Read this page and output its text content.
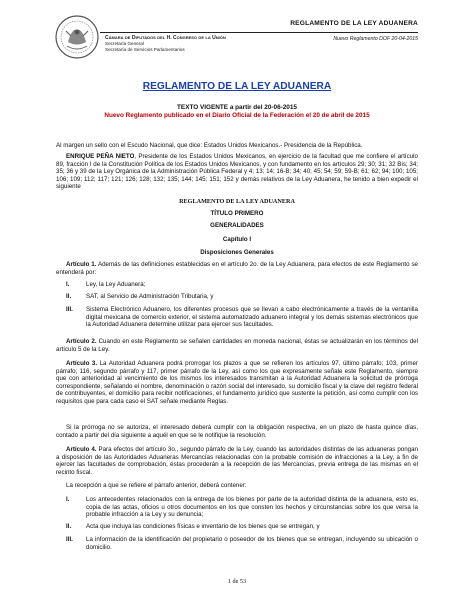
REGLAMENTO DE LA LEY ADUANERA
Cámara de Diputados del H. Congreso de la Unión
Secretaría General
Secretaría de Servicios Parlamentarios
Nuevo Reglamento DOF 20-04-2015
REGLAMENTO DE LA LEY ADUANERA
TEXTO VIGENTE a partir del 20-06-2015
Nuevo Reglamento publicado en el Diario Oficial de la Federación el 20 de abril de 2015
Al margen un sello con el Escudo Nacional, que dice: Estados Unidos Mexicanos.- Presidencia de la República.
ENRIQUE PEÑA NIETO, Presidente de los Estados Unidos Mexicanos, en ejercicio de la facultad que me confiere el artículo 89, fracción I de la Constitución Política de los Estados Unidos Mexicanos, y con fundamento en los artículos 29; 30; 31; 32 Bis; 34; 35; 36 y 39 de la Ley Orgánica de la Administración Pública Federal y 4; 13; 14; 16-B; 34; 40; 45; 54; 59; 59-B; 61; 62; 94; 100; 105; 106; 109; 112; 117; 121; 126; 128; 132; 135; 144; 145; 151; 152 y demás relativos de la Ley Aduanera, he tenido a bien expedir el siguiente
REGLAMENTO DE LA LEY ADUANERA
TÍTULO PRIMERO
GENERALIDADES
Capítulo I
Disposiciones Generales
Artículo 1. Además de las definiciones establecidas en el artículo 2o. de la Ley Aduanera, para efectos de este Reglamento se entenderá por:
I.	Ley, la Ley Aduanera;
II. SAT, al Servicio de Administración Tributaria, y
III. Sistema Electrónico Aduanero, los diferentes procesos que se llevan a cabo electrónicamente a través de la ventanilla digital mexicana de comercio exterior, el sistema automatizado aduanero integral y los demás sistemas electrónicos que la Autoridad Aduanera determine utilizar para ejercer sus facultades.
Artículo 2. Cuando en este Reglamento se señalen cantidades en moneda nacional, éstas se actualizarán en los términos del artículo 5 de la Ley.
Artículo 3. La Autoridad Aduanera podrá prorrogar los plazos a que se refieren los artículos 97, último párrafo; 103, primer párrafo; 116, segundo párrafo y 117, primer párrafo de la Ley, así como los que expresamente señale este Reglamento, siempre que con anterioridad al vencimiento de los mismos los interesados transmitan a la Autoridad Aduanera la solicitud de prórroga correspondiente, señalando el nombre, denominación o razón social del interesado, su domicilio fiscal y la clave del registro federal de contribuyentes, el domicilio para recibir notificaciones, el fundamento jurídico que sustente la petición, así como cumplir con los requisitos que para cada caso el SAT señale mediante Reglas.
Si la prórroga no se autoriza, el interesado deberá cumplir con la obligación respectiva, en un plazo de hasta quince días, contado a partir del día siguiente a aquél en que se le notifique la resolución.
Artículo 4. Para efectos del artículo 3o., segundo párrafo de la Ley, cuando las autoridades distintas de las aduaneras pongan a disposición de las Autoridades Aduaneras Mercancías relacionadas con la probable comisión de infracciones a la Ley, a fin de ejercer las facultades de comprobación, éstas procederán a la recepción de las Mercancías, previa entrega de las mismas en el recinto fiscal.
La recepción a que se refiere el párrafo anterior, deberá contener:
I.	Los antecedentes relacionados con la entrega de los bienes por parte de la autoridad distinta de la aduanera, esto es, copia de las actas, oficios u otros documentos en los que consten los hechos y circunstancias sobre los que versa la probable infracción a la Ley y su denuncia;
II. Acta que incluya las condiciones físicas e inventario de los bienes que se entregan, y
III. La información de la identificación del propietario o poseedor de los bienes que se entregan, incluyendo su ubicación o domicilio.
1 de 53
